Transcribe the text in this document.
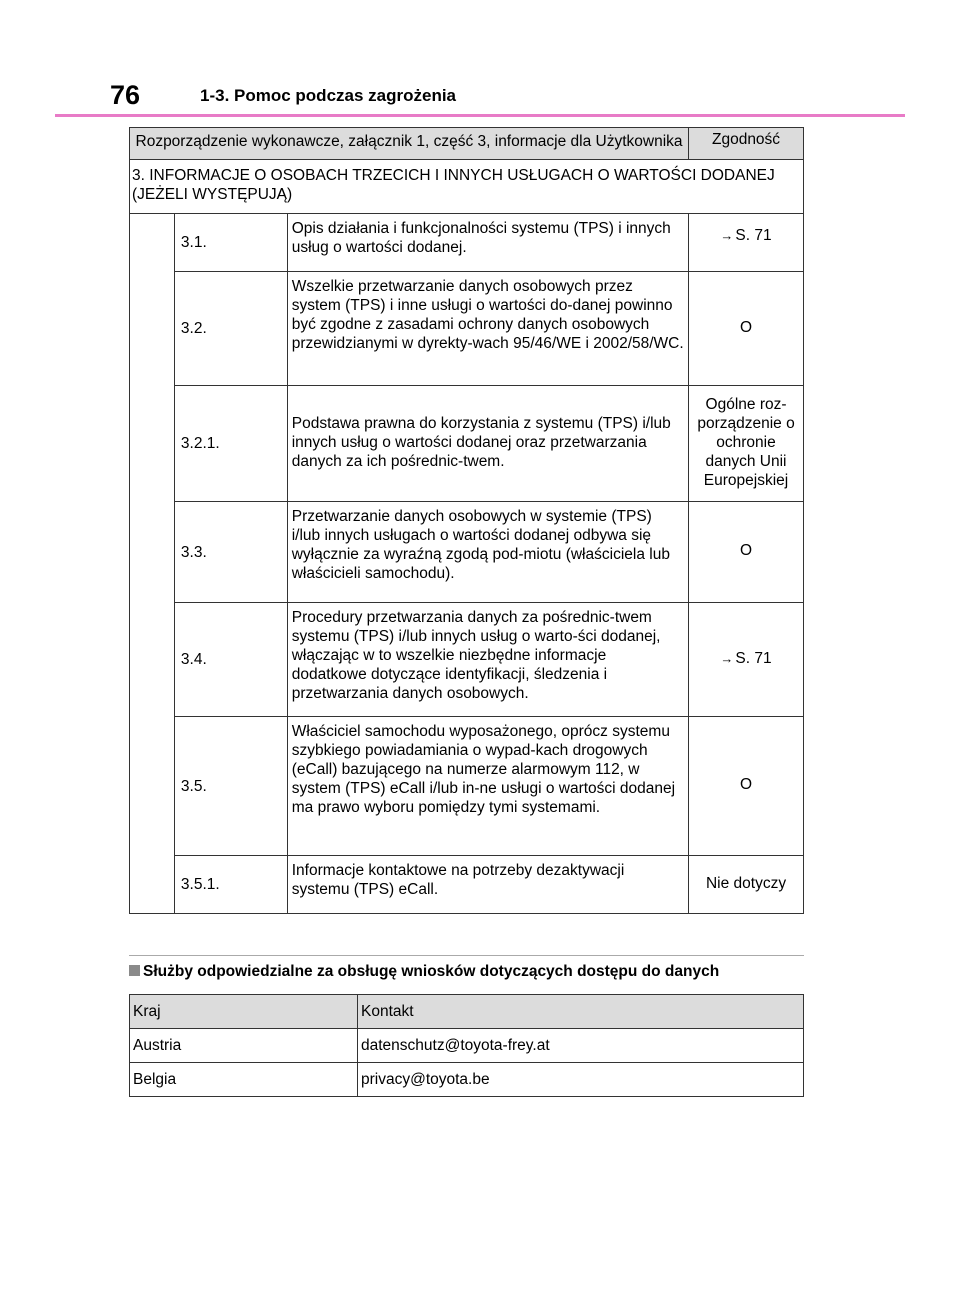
76	1-3. Pomoc podczas zagrożenia
Rozporządzenie wykonawcze, załącznik 1, część 3, informacje dla Użytkownika			Zgodność
3. INFORMACJE O OSOBACH TRZECICH I INNYCH USŁUGACH O WARTOŚCI DODANEJ (JEŻELI WYSTĘPUJĄ)			
	3.1.	Opis działania i funkcjonalności systemu (TPS) i innych usług o wartości dodanej.	→ S. 71
	3.2.	Wszelkie przetwarzanie danych osobowych przez system (TPS) i inne usługi o wartości do-danej powinno być zgodne z zasadami ochrony danych osobowych przewidzianymi w dyrekty-wach 95/46/WE i 2002/58/WC.	O
	3.2.1.	Podstawa prawna do korzystania z systemu (TPS) i/lub innych usług o wartości dodanej oraz przetwarzania danych za ich pośrednic-twem.	Ogólne roz-porządzenie o ochronie danych Unii Europejskiej
	3.3.	Przetwarzanie danych osobowych w systemie (TPS) i/lub innych usługach o wartości dodanej odbywa się wyłącznie za wyraźną zgodą pod-miotu (właściciela lub właścicieli samochodu).	O
	3.4.	Procedury przetwarzania danych za pośrednic-twem systemu (TPS) i/lub innych usług o warto-ści dodanej, włączając w to wszelkie niezbędne informacje dodatkowe dotyczące identyfikacji, śledzenia i przetwarzania danych osobowych.	→ S. 71
	3.5.	Właściciel samochodu wyposażonego, oprócz systemu szybkiego powiadamiania o wypad-kach drogowych (eCall) bazującego na numerze alarmowym 112, w system (TPS) eCall i/lub in-ne usługi o wartości dodanej ma prawo wyboru pomiędzy tymi systemami.	O
	3.5.1.	Informacje kontaktowe na potrzeby dezaktywacji systemu (TPS) eCall.	Nie dotyczy
Służby odpowiedzialne za obsługę wniosków dotyczących dostępu do danych
Kraj	Kontakt
Austria	datenschutz@toyota-frey.at
Belgia	privacy@toyota.be
